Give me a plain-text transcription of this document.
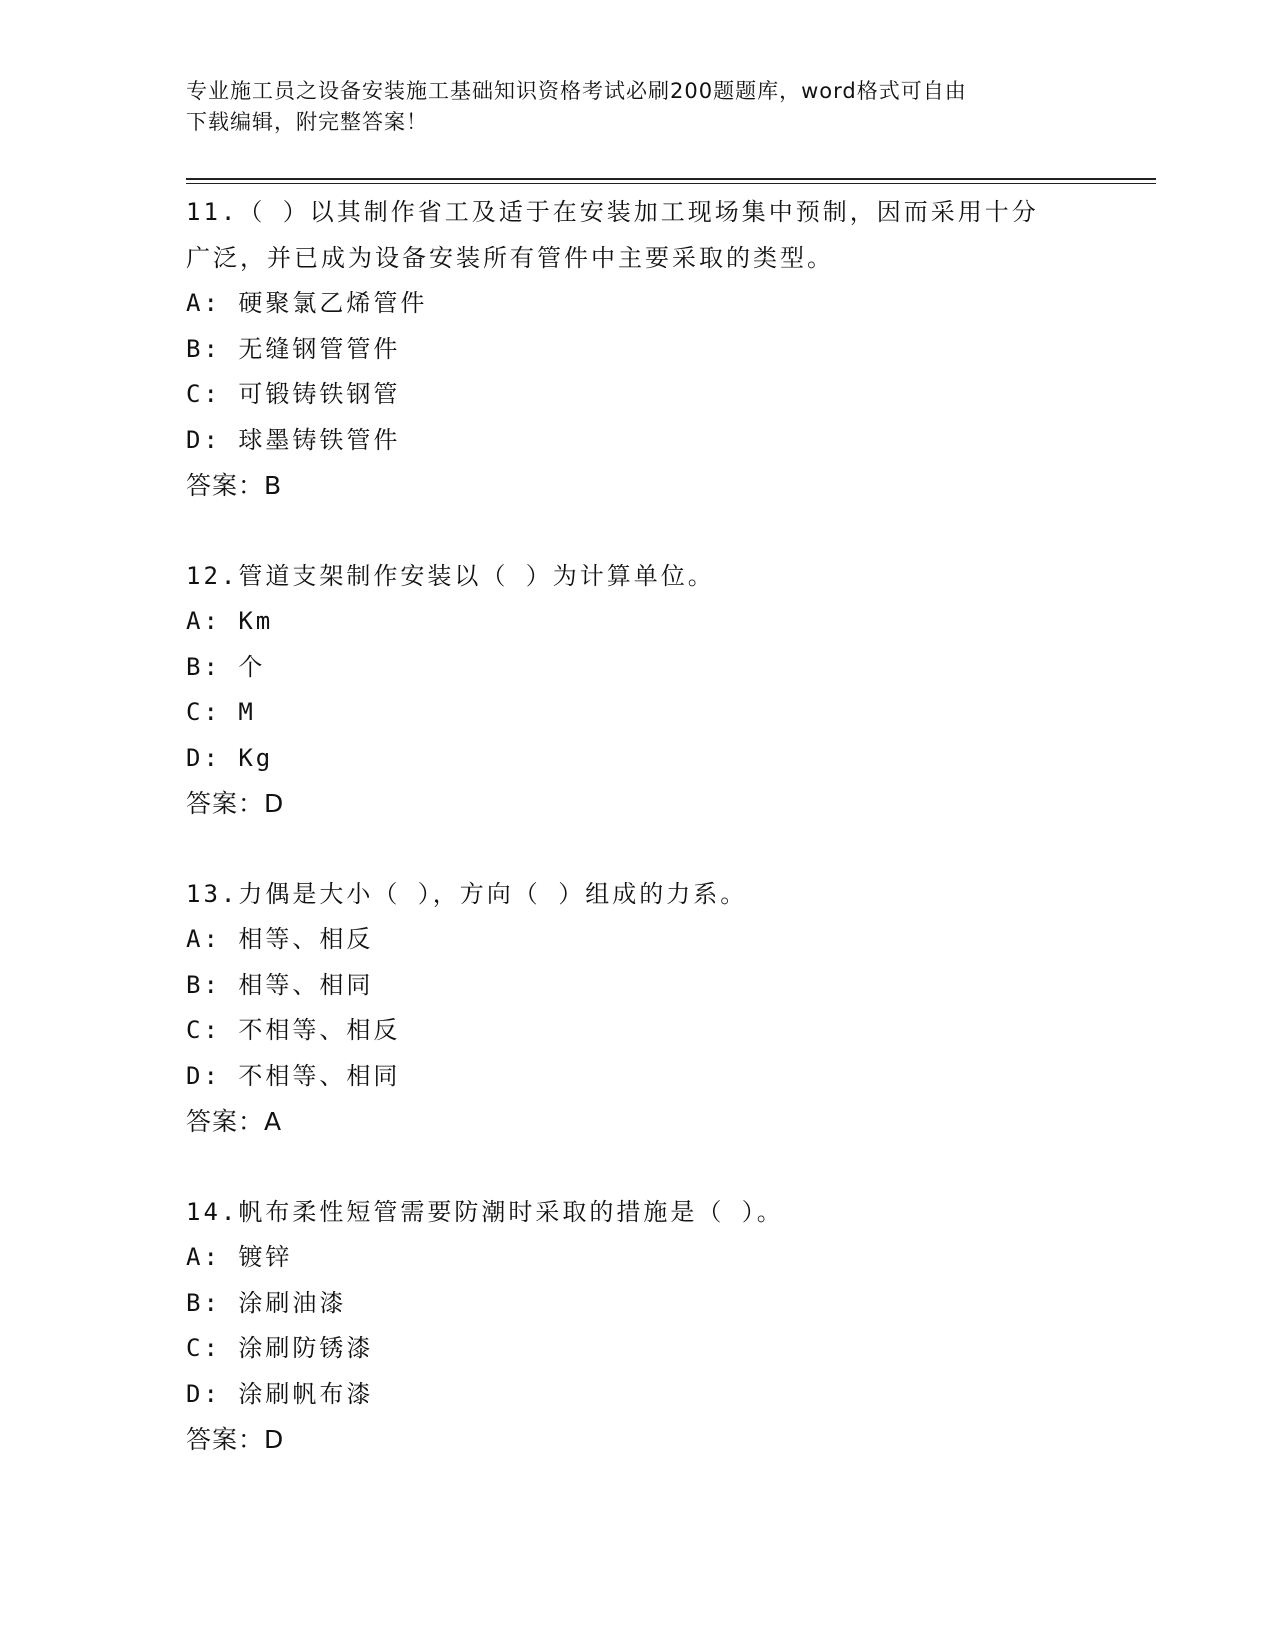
专业施工员之设备安装施工基础知识资格考试必刷200题题库，word格式可自由
下载编辑，附完整答案！
11.（ ）以其制作省工及适于在安装加工现场集中预制，因而采用十分广泛，并已成为设备安装所有管件中主要采取的类型。
A: 硬聚氯乙烯管件
B: 无缝钢管管件
C: 可锻铸铁钢管
D: 球墨铸铁管件
答案：B
12.管道支架制作安装以（ ）为计算单位。
A: Km
B: 个
C: M
D: Kg
答案：D
13.力偶是大小（ ），方向（ ）组成的力系。
A: 相等、相反
B: 相等、相同
C: 不相等、相反
D: 不相等、相同
答案：A
14.帆布柔性短管需要防潮时采取的措施是（ ）。
A: 镀锌
B: 涂刷油漆
C: 涂刷防锈漆
D: 涂刷帆布漆
答案：D
